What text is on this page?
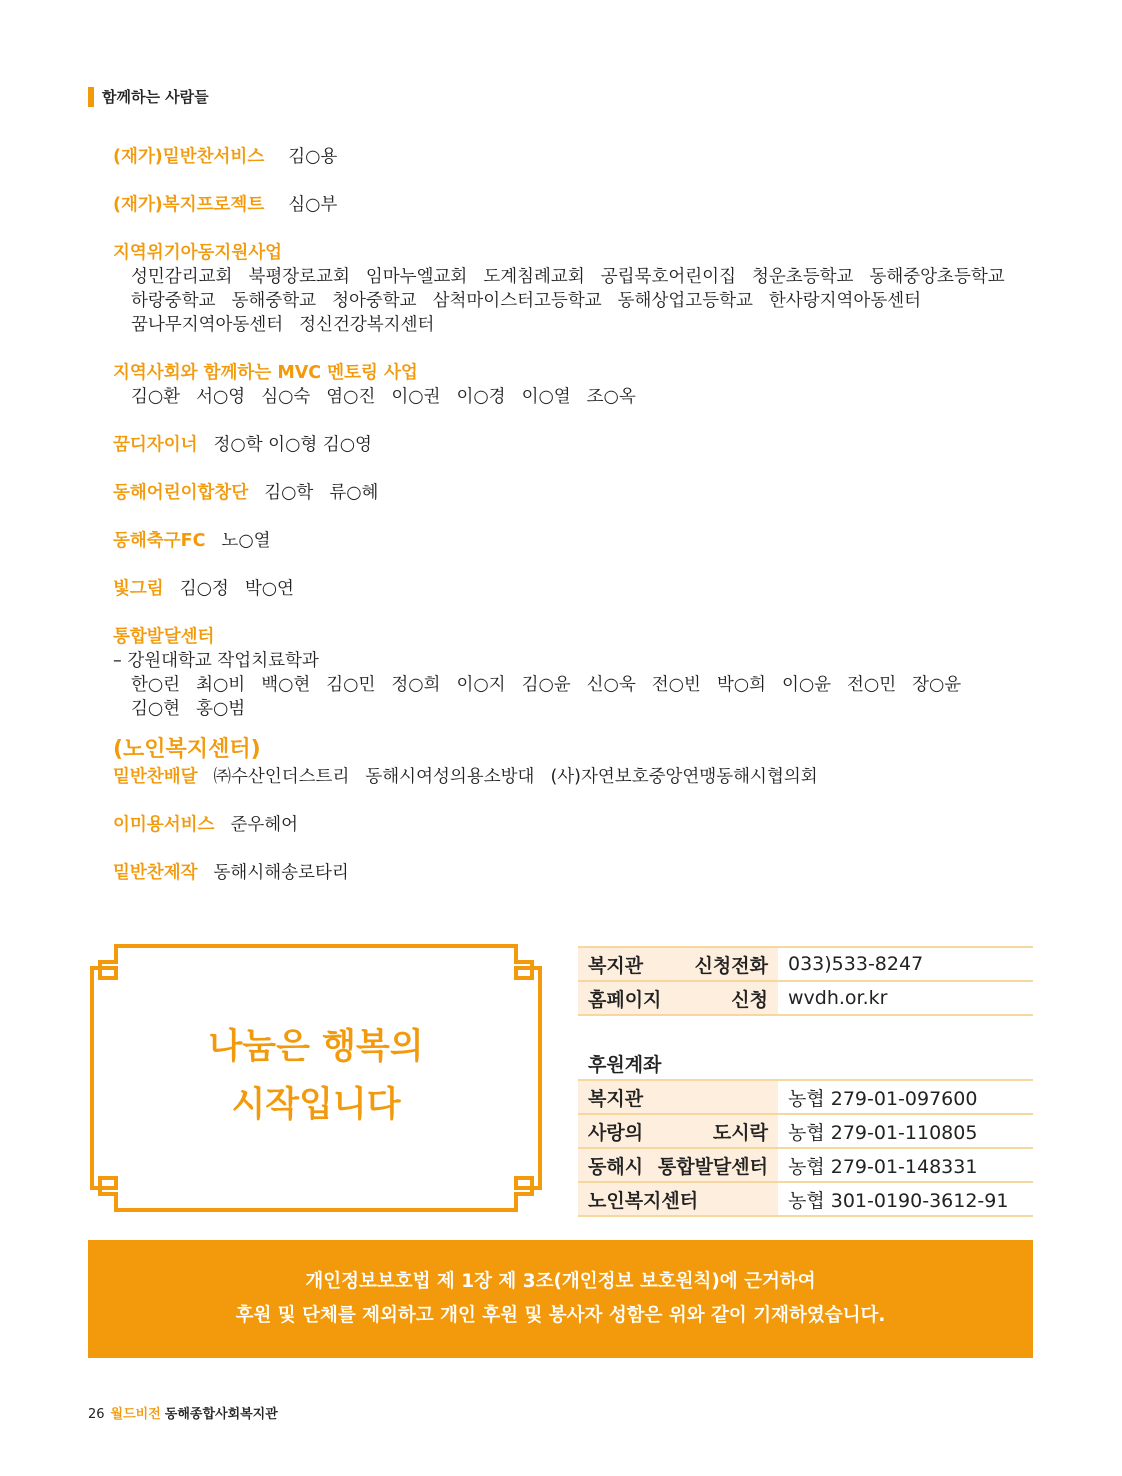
함께하는 사람들
(재가)밑반찬서비스 김○용
(재가)복지프로젝트 심○부
지역위기아동지원사업
성민감리교회 북평장로교회 임마누엘교회 도계침례교회 공립묵호어린이집 청운초등학교 동해중앙초등학교
하랑중학교 동해중학교 청아중학교 삼척마이스터고등학교 동해상업고등학교 한사랑지역아동센터
꿈나무지역아동센터 정신건강복지센터
지역사회와 함께하는 MVC 멘토링 사업
김○환 서○영 심○숙 염○진 이○권 이○경 이○열 조○옥
꿈디자이너 정○학 이○형 김○영
동해어린이합창단 김○학 류○혜
동해축구FC 노○열
빛그림 김○정 박○연
통합발달센터
– 강원대학교 작업치료학과
한○린 최○비 백○현 김○민 정○희 이○지 김○윤 신○욱 전○빈 박○희 이○윤 전○민 장○윤
김○현 홍○범
(노인복지센터)
밑반찬배달 ㈜수산인더스트리 동해시여성의용소방대 (사)자연보호중앙연맹동해시협의회
이미용서비스 준우헤어
밑반찬제작 동해시해송로타리
나눔은 행복의
시작입니다
복지관 신청전화	033)533-8247
홈페이지 신청	wvdh.or.kr
후원계좌
복지관	농협 279-01-097600
사랑의 도시락	농협 279-01-110805
동해시 통합발달센터	농협 279-01-148331
노인복지센터	농협 301-0190-3612-91
개인정보보호법 제 1장 제 3조(개인정보 보호원칙)에 근거하여
후원 및 단체를 제외하고 개인 후원 및 봉사자 성함은 위와 같이 기재하였습니다.
26 월드비전 동해종합사회복지관
